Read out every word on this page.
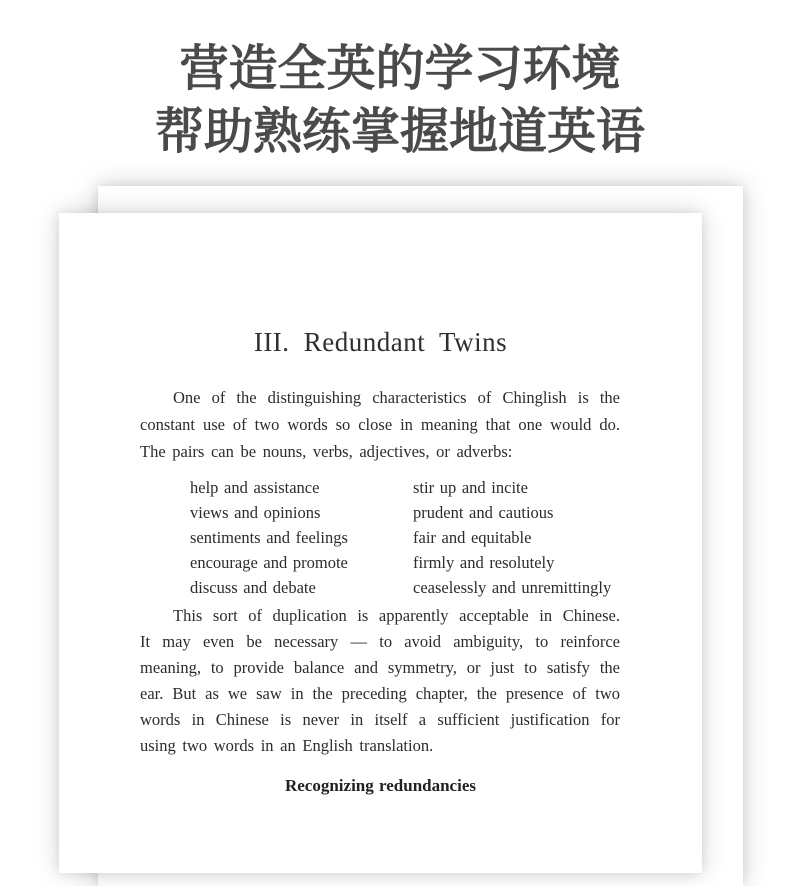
营造全英的学习环境
帮助熟练掌握地道英语
III. Redundant Twins
One of the distinguishing characteristics of Chinglish is the
constant use of two words so close in meaning that one would do.
The pairs can be nouns, verbs, adjectives, or adverbs:
help and assistance
views and opinions
sentiments and feelings
encourage and promote
discuss and debate
stir up and incite
prudent and cautious
fair and equitable
firmly and resolutely
ceaselessly and unremittingly
This sort of duplication is apparently acceptable in Chinese.
It may even be necessary — to avoid ambiguity, to reinforce
meaning, to provide balance and symmetry, or just to satisfy the
ear. But as we saw in the preceding chapter, the presence of two
words in Chinese is never in itself a sufficient justification for
using two words in an English translation.
Recognizing redundancies
